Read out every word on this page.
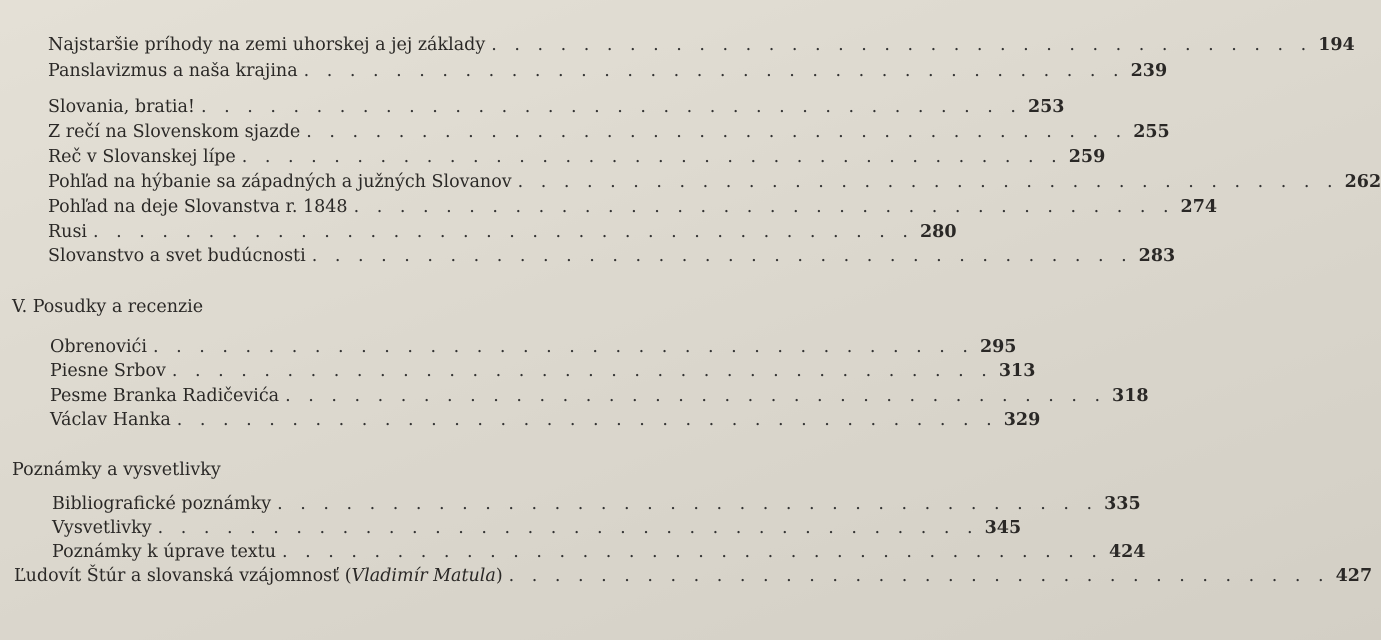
Najstaršie príhody na zemi uhorskej a jej základy . . . . . . . . . . . . . . . . . . . . . . . . . . . . . . . . . . . . 194
Panslavizmus a naša krajina . . . . . . . . . . . . . . . . . . . . . . . . . . . . . . . . . . . . 239
Slovania, bratia! . . . . . . . . . . . . . . . . . . . . . . . . . . . . . . . . . . . . 253
Z rečí na Slovenskom sjazde . . . . . . . . . . . . . . . . . . . . . . . . . . . . . . . . . . . . 255
Reč v Slovanskej lípe . . . . . . . . . . . . . . . . . . . . . . . . . . . . . . . . . . . . 259
Pohľad na hýbanie sa západných a južných Slovanov . . . . . . . . . . . . . . . . . . . . . . . . . . . . . . . . . . . . 262
Pohľad na deje Slovanstva r. 1848 . . . . . . . . . . . . . . . . . . . . . . . . . . . . . . . . . . . . 274
Rusi . . . . . . . . . . . . . . . . . . . . . . . . . . . . . . . . . . . . 280
Slovanstvo a svet budúcnosti . . . . . . . . . . . . . . . . . . . . . . . . . . . . . . . . . . . . 283
Obrenovići . . . . . . . . . . . . . . . . . . . . . . . . . . . . . . . . . . . . 295
Piesne Srbov . . . . . . . . . . . . . . . . . . . . . . . . . . . . . . . . . . . . 313
Pesme Branka Radičevića . . . . . . . . . . . . . . . . . . . . . . . . . . . . . . . . . . . . 318
Václav Hanka . . . . . . . . . . . . . . . . . . . . . . . . . . . . . . . . . . . . 329
Bibliografické poznámky . . . . . . . . . . . . . . . . . . . . . . . . . . . . . . . . . . . . 335
Vysvetlivky . . . . . . . . . . . . . . . . . . . . . . . . . . . . . . . . . . . . 345
Poznámky k úprave textu . . . . . . . . . . . . . . . . . . . . . . . . . . . . . . . . . . . . 424
V. Posudky a recenzie
Poznámky a vysvetlivky
Ľudovít Štúr a slovanská vzájomnosť (Vladimír Matula) . . . . . . . . . . . . . . . . . . . . . . . . . . . . . . . . . . . . 427
